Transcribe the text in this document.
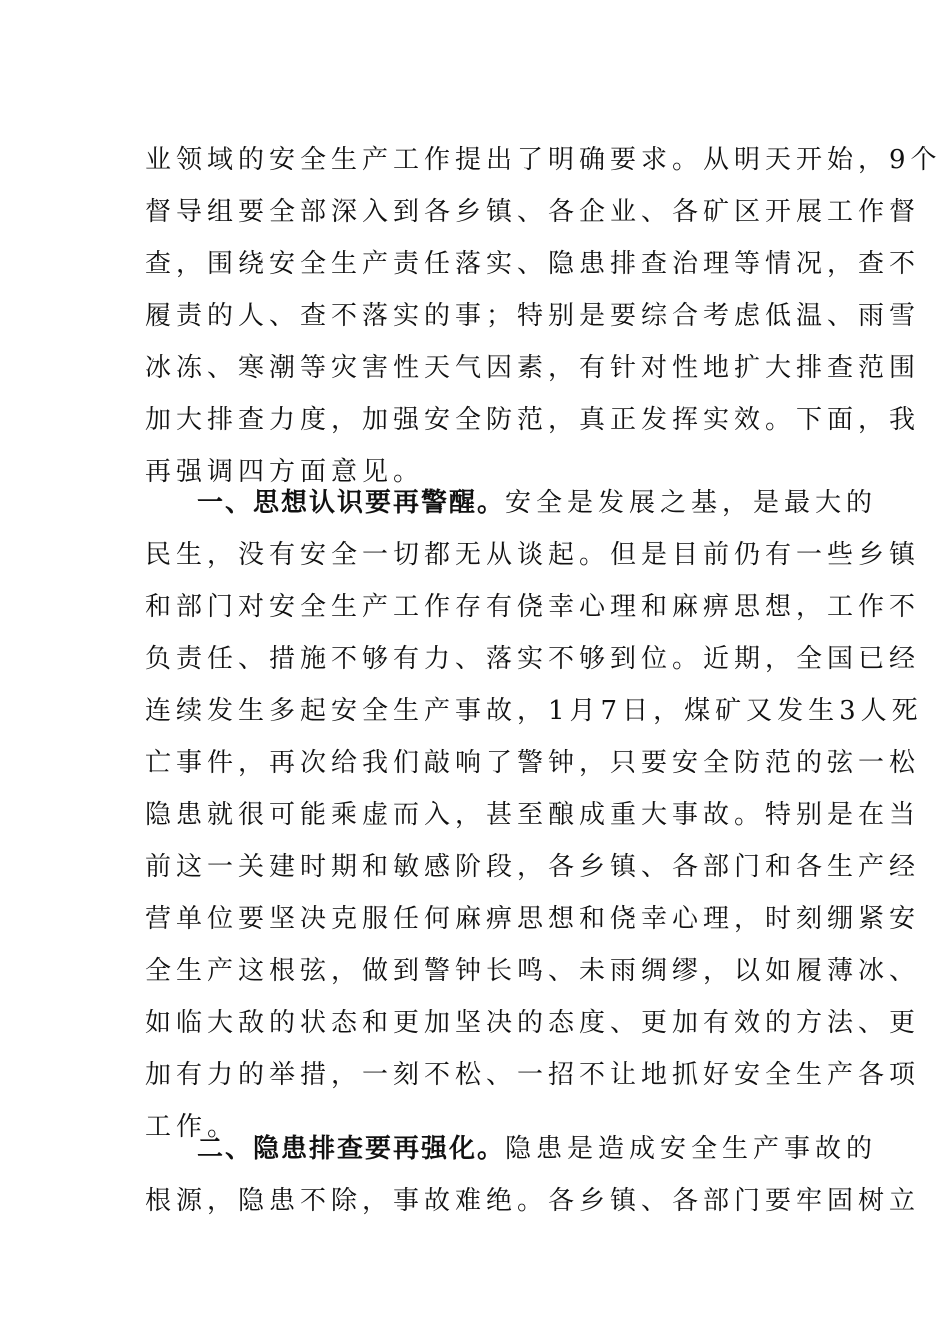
业领域的安全生产工作提出了明确要求。从明天开始，9个
督导组要全部深入到各乡镇、各企业、各矿区开展工作督
查，围绕安全生产责任落实、隐患排查治理等情况，查不
履责的人、查不落实的事；特别是要综合考虑低温、雨雪
冰冻、寒潮等灾害性天气因素，有针对性地扩大排查范围
加大排查力度，加强安全防范，真正发挥实效。下面，我
再强调四方面意见。
一、思想认识要再警醒。安全是发展之基，是最大的
民生，没有安全一切都无从谈起。但是目前仍有一些乡镇
和部门对安全生产工作存有侥幸心理和麻痹思想，工作不
负责任、措施不够有力、落实不够到位。近期，全国已经
连续发生多起安全生产事故，1月7日，煤矿又发生3人死
亡事件，再次给我们敲响了警钟，只要安全防范的弦一松
隐患就很可能乘虚而入，甚至酿成重大事故。特别是在当
前这一关建时期和敏感阶段，各乡镇、各部门和各生产经
营单位要坚决克服任何麻痹思想和侥幸心理，时刻绷紧安
全生产这根弦，做到警钟长鸣、未雨绸缪，以如履薄冰、
如临大敌的状态和更加坚决的态度、更加有效的方法、更
加有力的举措，一刻不松、一招不让地抓好安全生产各项
工作。
二、隐患排查要再强化。隐患是造成安全生产事故的
根源，隐患不除，事故难绝。各乡镇、各部门要牢固树立
